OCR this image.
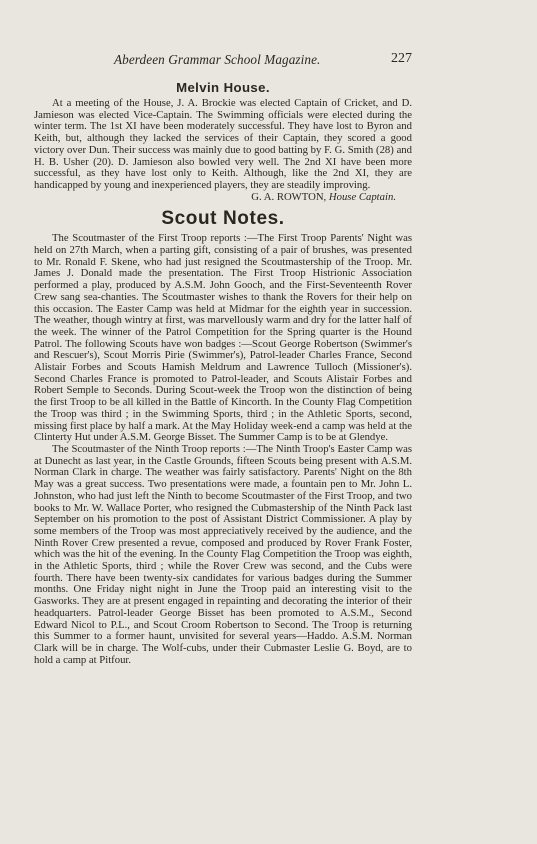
Aberdeen Grammar School Magazine.	227
Melvin House.

At a meeting of the House, J. A. Brockie was elected Captain of Cricket, and D. Jamieson was elected Vice-Captain. The Swimming officials were elected during the winter term. The 1st XI have been moderately successful. They have lost to Byron and Keith, but, although they lacked the services of their Captain, they scored a good victory over Dun. Their success was mainly due to good batting by F. G. Smith (28) and H. B. Usher (20). D. Jamieson also bowled very well. The 2nd XI have been more successful, as they have lost only to Keith. Although, like the 2nd XI, they are handicapped by young and inexperienced players, they are steadily improving.

G. A. ROWTON, House Captain.

Scout Notes.

The Scoutmaster of the First Troop reports :—The First Troop Parents' Night was held on 27th March, when a parting gift, consisting of a pair of brushes, was presented to Mr. Ronald F. Skene, who had just resigned the Scoutmastership of the Troop. Mr. James J. Donald made the presentation. The First Troop Histrionic Association performed a play, produced by A.S.M. John Gooch, and the First-Seventeenth Rover Crew sang sea-chanties. The Scoutmaster wishes to thank the Rovers for their help on this occasion. The Easter Camp was held at Midmar for the eighth year in succession. The weather, though wintry at first, was marvellously warm and dry for the latter half of the week. The winner of the Patrol Competition for the Spring quarter is the Hound Patrol. The following Scouts have won badges :—Scout George Robertson (Swimmer's and Rescuer's), Scout Morris Pirie (Swimmer's), Patrol-leader Charles France, Second Alistair Forbes and Scouts Hamish Meldrum and Lawrence Tulloch (Missioner's). Second Charles France is promoted to Patrol-leader, and Scouts Alistair Forbes and Robert Semple to Seconds. During Scout-week the Troop won the distinction of being the first Troop to be all killed in the Battle of Kincorth. In the County Flag Competition the Troop was third ; in the Swimming Sports, third ; in the Athletic Sports, second, missing first place by half a mark. At the May Holiday week-end a camp was held at the Clinterty Hut under A.S.M. George Bisset. The Summer Camp is to be at Glendye.

The Scoutmaster of the Ninth Troop reports :—The Ninth Troop's Easter Camp was at Dunecht as last year, in the Castle Grounds, fifteen Scouts being present with A.S.M. Norman Clark in charge. The weather was fairly satisfactory. Parents' Night on the 8th May was a great success. Two presentations were made, a fountain pen to Mr. John L. Johnston, who had just left the Ninth to become Scoutmaster of the First Troop, and two books to Mr. W. Wallace Porter, who resigned the Cubmastership of the Ninth Pack last September on his promotion to the post of Assistant District Commissioner. A play by some members of the Troop was most appreciatively received by the audience, and the Ninth Rover Crew presented a revue, composed and produced by Rover Frank Foster, which was the hit of the evening. In the County Flag Competition the Troop was eighth, in the Athletic Sports, third ; while the Rover Crew was second, and the Cubs were fourth. There have been twenty-six candidates for various badges during the Summer months. One Friday night night in June the Troop paid an interesting visit to the Gasworks. They are at present engaged in repainting and decorating the interior of their headquarters. Patrol-leader George Bisset has been promoted to A.S.M., Second Edward Nicol to P.L., and Scout Croom Robertson to Second. The Troop is returning this Summer to a former haunt, unvisited for several years—Haddo. A.S.M. Norman Clark will be in charge. The Wolf-cubs, under their Cubmaster Leslie G. Boyd, are to hold a camp at Pitfour.
